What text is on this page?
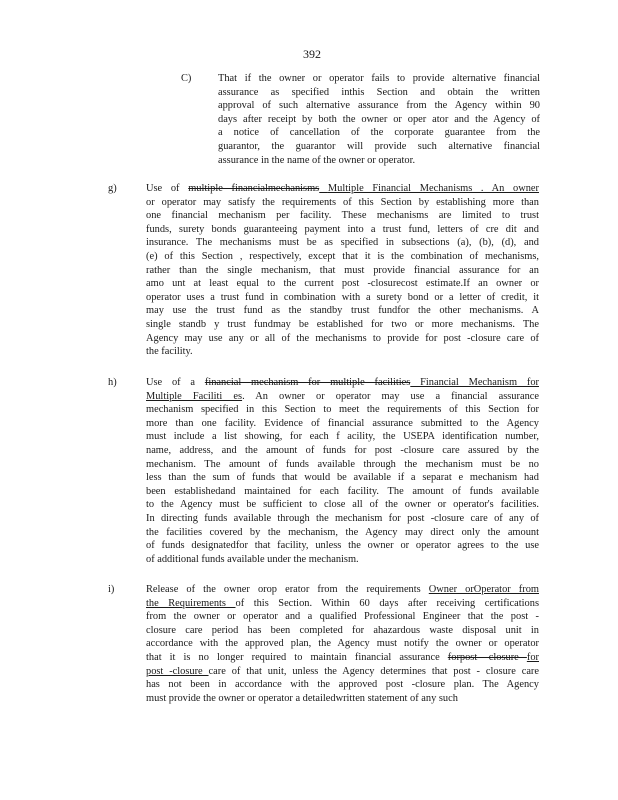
392
C)	That if the owner or operator fails to provide alternative financial
assurance as specified inthis Section and obtain the written
approval of such alternative assurance from the Agency within 90
days after receipt by both the owner or oper ator and the Agency of
a notice of cancellation of the corporate guarantee from the
guarantor, the guarantor will provide such alternative financial
assurance in the name of the owner or operator.
g)	Use of multiple financialmechanisms Multiple Financial Mechanisms . An owner
or operator may satisfy the requirements of this Section by establishing more than
one financial mechanism per facility. These mechanisms are limited to trust
funds, surety bonds guaranteeing payment into a trust fund, letters of cre dit and
insurance. The mechanisms must be as specified in subsections (a), (b), (d), and
(e) of this Section , respectively, except that it is the combination of mechanisms,
rather than the single mechanism, that must provide financial assurance for an
amo unt at least equal to the current post -closurecost estimate.If an owner or
operator uses a trust fund in combination with a surety bond or a letter of credit, it
may use the trust fund as the standby trust fundfor the other mechanisms. A
single standb y trust fundmay be established for two or more mechanisms. The
Agency may use any or all of the mechanisms to provide for post -closure care of
the facility.
h)	Use of a financial mechanism for multiple facilities Financial Mechanism for
Multiple Faciliti es. An owner or operator may use a financial assurance
mechanism specified in this Section to meet the requirements of this Section for
more than one facility. Evidence of financial assurance submitted to the Agency
must include a list showing, for each f acility, the USEPA identification number,
name, address, and the amount of funds for post -closure care assured by the
mechanism. The amount of funds available through the mechanism must be no
less than the sum of funds that would be available if a separat e mechanism had
been establishedand maintained for each facility. The amount of funds available
to the Agency must be sufficient to close all of the owner or operator's facilities.
In directing funds available through the mechanism for post -closure care of any of
the facilities covered by the mechanism, the Agency may direct only the amount
of funds designatedfor that facility, unless the owner or operator agrees to the use
of additional funds available under the mechanism.
i)	Release of the owner orop erator from the requirements Owner orOperator from
the Requirements of this Section. Within 60 days after receiving certifications
from the owner or operator and a qualified Professional Engineer that the post -
closure care period has been completed for ahazardous waste disposal unit in
accordance with the approved plan, the Agency must notify the owner or operator
that it is no longer required to maintain financial assurance forpost -closure for
post -closure care of that unit, unless the Agency determines that post - closure care
has not been in accordance with the approved post -closure plan. The Agency
must provide the owner or operator a detailedwritten statement of any such
